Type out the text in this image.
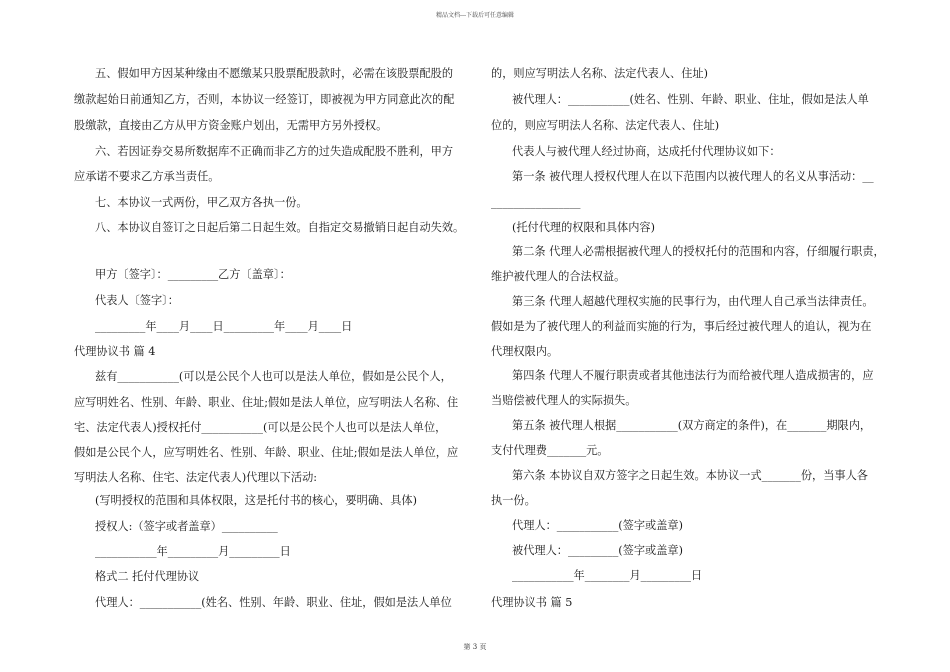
精品文档---下载后可任意编辑
五、假如甲方因某种缘由不愿缴某只股票配股款时，必需在该股票配股的
缴款起始日前通知乙方，否则，本协议一经签订，即被视为甲方同意此次的配
股缴款，直接由乙方从甲方资金账户划出，无需甲方另外授权。
六、若因证券交易所数据库不正确而非乙方的过失造成配股不胜利，甲方
应承诺不要求乙方承当责任。
七、本协议一式两份，甲乙双方各执一份。
八、本协议自签订之日起后第二日起生效。自指定交易撤销日起自动失效。
甲方〔签字〕：_________乙方〔盖章〕：
代表人〔签字〕：
_________年____月____日_________年____月____日
代理协议书 篇 4
兹有___________(可以是公民个人也可以是法人单位，假如是公民个人，
应写明姓名、性别、年龄、职业、住址;假如是法人单位，应写明法人名称、住
宅、法定代表人)授权托付___________(可以是公民个人也可以是法人单位，
假如是公民个人，应写明姓名、性别、年龄、职业、住址;假如是法人单位，应
写明法人名称、住宅、法定代表人)代理以下活动:
(写明授权的范围和具体权限，这是托付书的核心，要明确、具体)
授权人:（签字或者盖章）__________
___________年_________月_________日
格式二 托付代理协议
代理人：___________(姓名、性别、年龄、职业、住址，假如是法人单位
的，则应写明法人名称、法定代表人、住址)
被代理人：___________(姓名、性别、年龄、职业、住址，假如是法人单
位的，则应写明法人名称、法定代表人、住址)
代表人与被代理人经过协商，达成托付代理协议如下：
第一条 被代理人授权代理人在以下范围内以被代理人的名义从事活动：__
________________
(托付代理的权限和具体内容)
第二条 代理人必需根据被代理人的授权托付的范围和内容，仔细履行职责，
维护被代理人的合法权益。
第三条 代理人超越代理权实施的民事行为，由代理人自己承当法律责任。
假如是为了被代理人的利益而实施的行为，事后经过被代理人的追认，视为在
代理权限内。
第四条 代理人不履行职责或者其他违法行为而给被代理人造成损害的，应
当赔偿被代理人的实际损失。
第五条 被代理人根据___________(双方商定的条件)，在_______期限内，
支付代理费_______元。
第六条 本协议自双方签字之日起生效。本协议一式_______份，当事人各
执一份。
代理人：___________(签字或盖章)
被代理人：_________(签字或盖章)
___________年________月_________日
代理协议书 篇 5
第 3 页
